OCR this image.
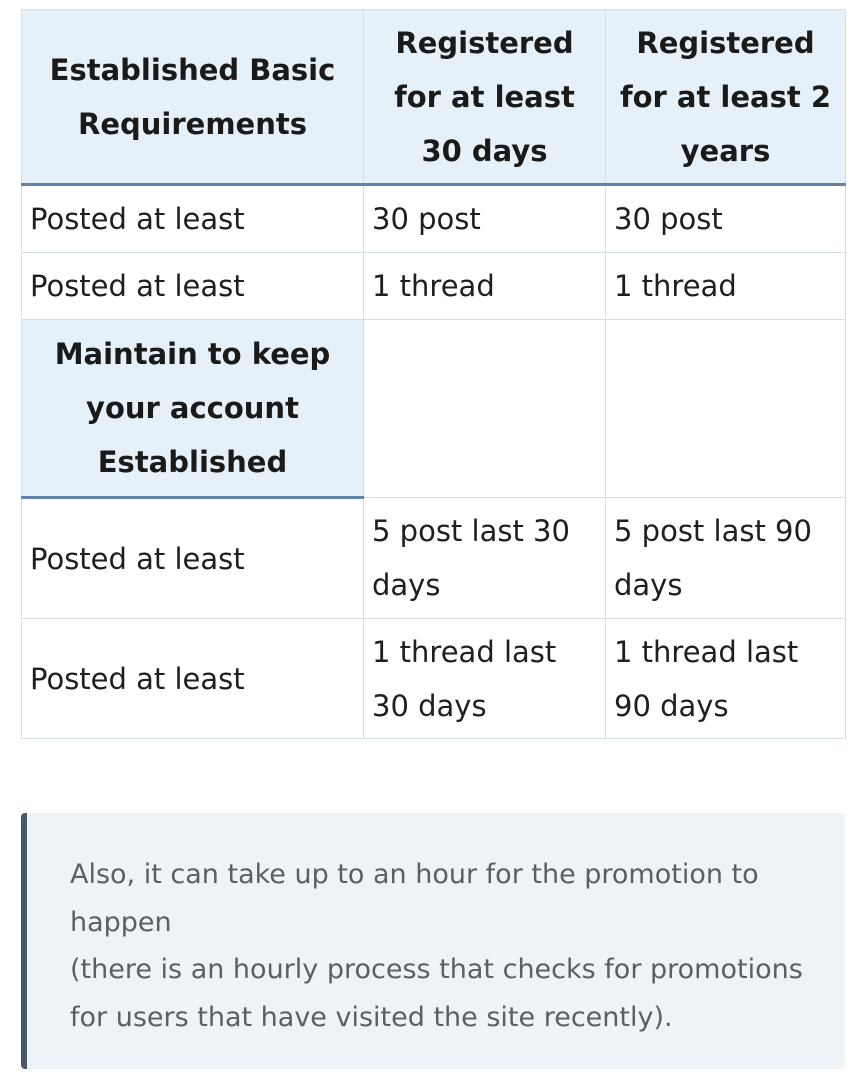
Established Basic Requirements	Registered for at least 30 days	Registered for at least 2 years
Posted at least	30 post	30 post
Posted at least	1 thread	1 thread
Maintain to keep your account Established		
Posted at least	5 post last 30 days	5 post last 90 days
Posted at least	1 thread last 30 days	1 thread last 90 days

Also, it can take up to an hour for the promotion to happen

(there is an hourly process that checks for promotions for users that have visited the site recently).
